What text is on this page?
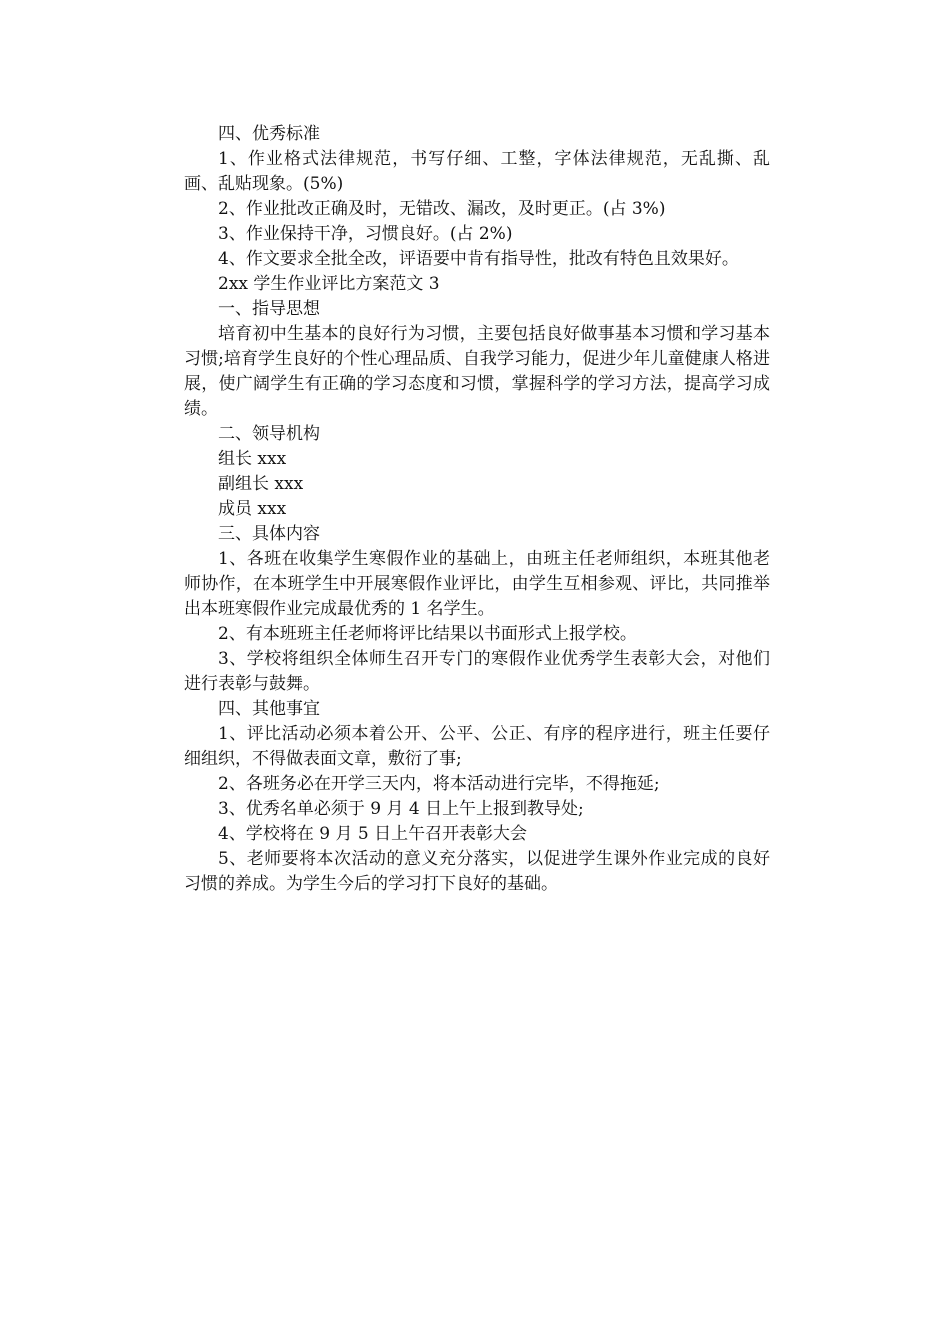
四、优秀标准

1、作业格式法律规范，书写仔细、工整，字体法律规范，无乱撕、乱画、乱贴现象。(5%)

2、作业批改正确及时，无错改、漏改，及时更正。(占 3%)

3、作业保持干净，习惯良好。(占 2%)

4、作文要求全批全改，评语要中肯有指导性，批改有特色且效果好。

2xx 学生作业评比方案范文 3

一、指导思想

培育初中生基本的良好行为习惯，主要包括良好做事基本习惯和学习基本习惯;培育学生良好的个性心理品质、自我学习能力，促进少年儿童健康人格进展，使广阔学生有正确的学习态度和习惯，掌握科学的学习方法，提高学习成绩。

二、领导机构

组长 xxx

副组长 xxx

成员 xxx

三、具体内容

1、各班在收集学生寒假作业的基础上，由班主任老师组织，本班其他老师协作，在本班学生中开展寒假作业评比，由学生互相参观、评比，共同推举出本班寒假作业完成最优秀的 1 名学生。

2、有本班班主任老师将评比结果以书面形式上报学校。

3、学校将组织全体师生召开专门的寒假作业优秀学生表彰大会，对他们进行表彰与鼓舞。

四、其他事宜

1、评比活动必须本着公开、公平、公正、有序的程序进行，班主任要仔细组织，不得做表面文章，敷衍了事;

2、各班务必在开学三天内，将本活动进行完毕，不得拖延;

3、优秀名单必须于 9 月 4 日上午上报到教导处;

4、学校将在 9 月 5 日上午召开表彰大会

5、老师要将本次活动的意义充分落实，以促进学生课外作业完成的良好习惯的养成。为学生今后的学习打下良好的基础。
